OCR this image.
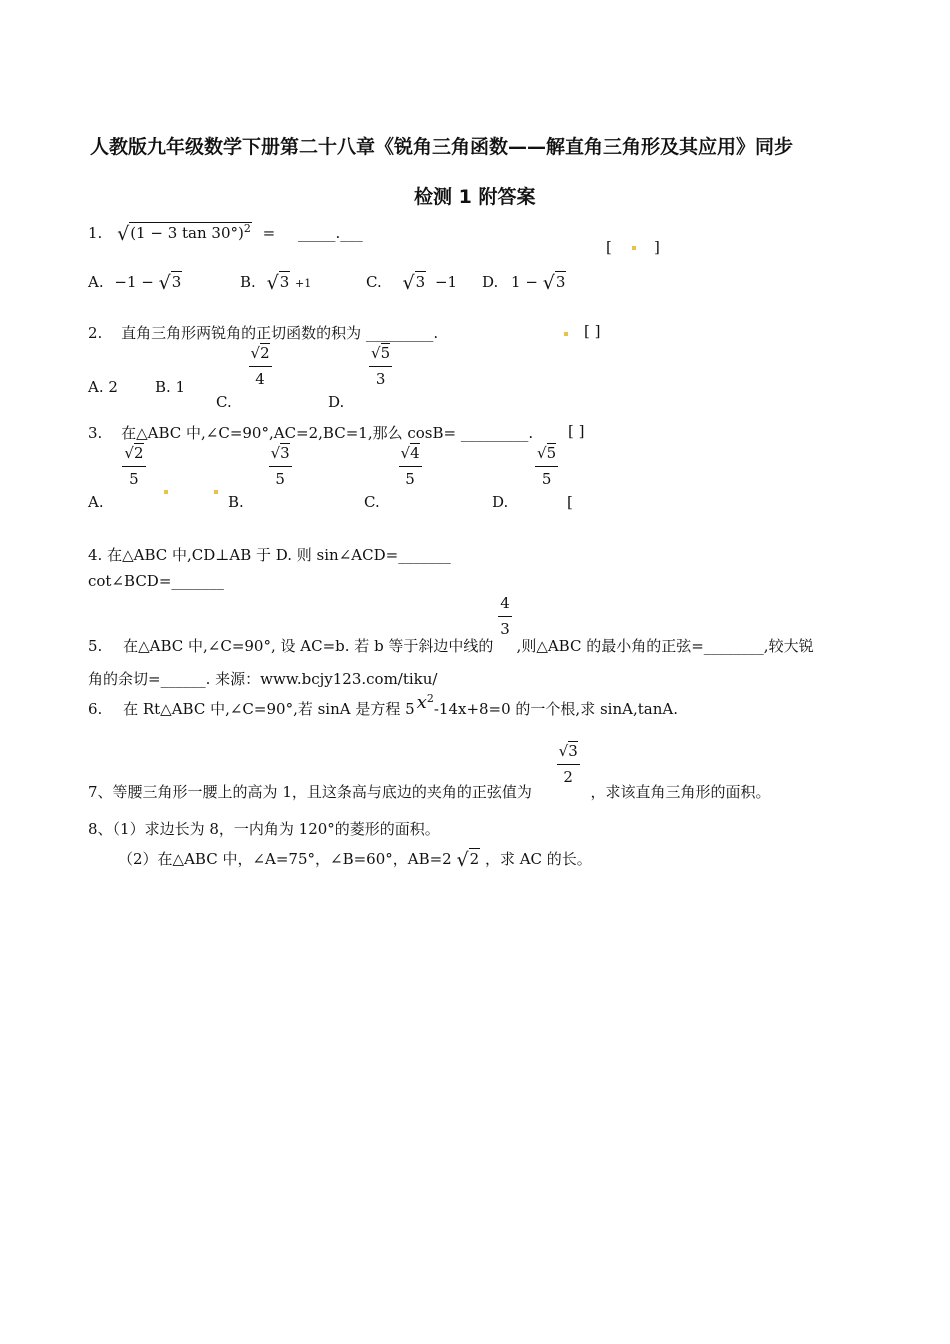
人教版九年级数学下册第二十八章《锐角三角函数——解直角三角形及其应用》同步
检测 1 附答案
1. √(1 − 3 tan 30°)$^2$ = _____.___
[	]
A. −1 − √3	B. √3 +1	C. √3 −1 D. 1 − √3
2. 直角三角形两锐角的正切函数的积为 _________.	[ ]
A. 2 B. 1
C.
$\frac{√2}{4}$
D.
$\frac{√5}{3}$
3. 在△ABC 中,∠C=90°,AC=2,BC=1,那么 cosB= _________. [ ]
A.
$\frac{√2}{5}$
B.
$\frac{√3}{5}$
C.
$\frac{√4}{5}$
D.
$\frac{√5}{5}$
[
4. 在△ABC 中,CD⊥AB 于 D. 则 sin∠ACD=_______
cot∠BCD=_______
5. 在△ABC 中,∠C=90°, 设 AC=b. 若 b 等于斜边中线的
$\frac{4}{3}$
,则△ABC 的最小角的正弦=________,较大锐
角的余切=______. 来源：www.bcjy123.com/tiku/
6. 在 Rt△ABC 中,∠C=90°,若 sinA 是方程 5 $x^2-14x+8=0$ 的一个根,求 sinA,tanA.
7、等腰三角形一腰上的高为 1，且这条高与底边的夹角的正弦值为
$\frac{√3}{2}$
，求该直角三角形的面积。
8、（1）求边长为 8，一内角为 120°的菱形的面积。
（2）在△ABC 中，∠A=75°，∠B=60°，AB=2 √2 ，求 AC 的长。
